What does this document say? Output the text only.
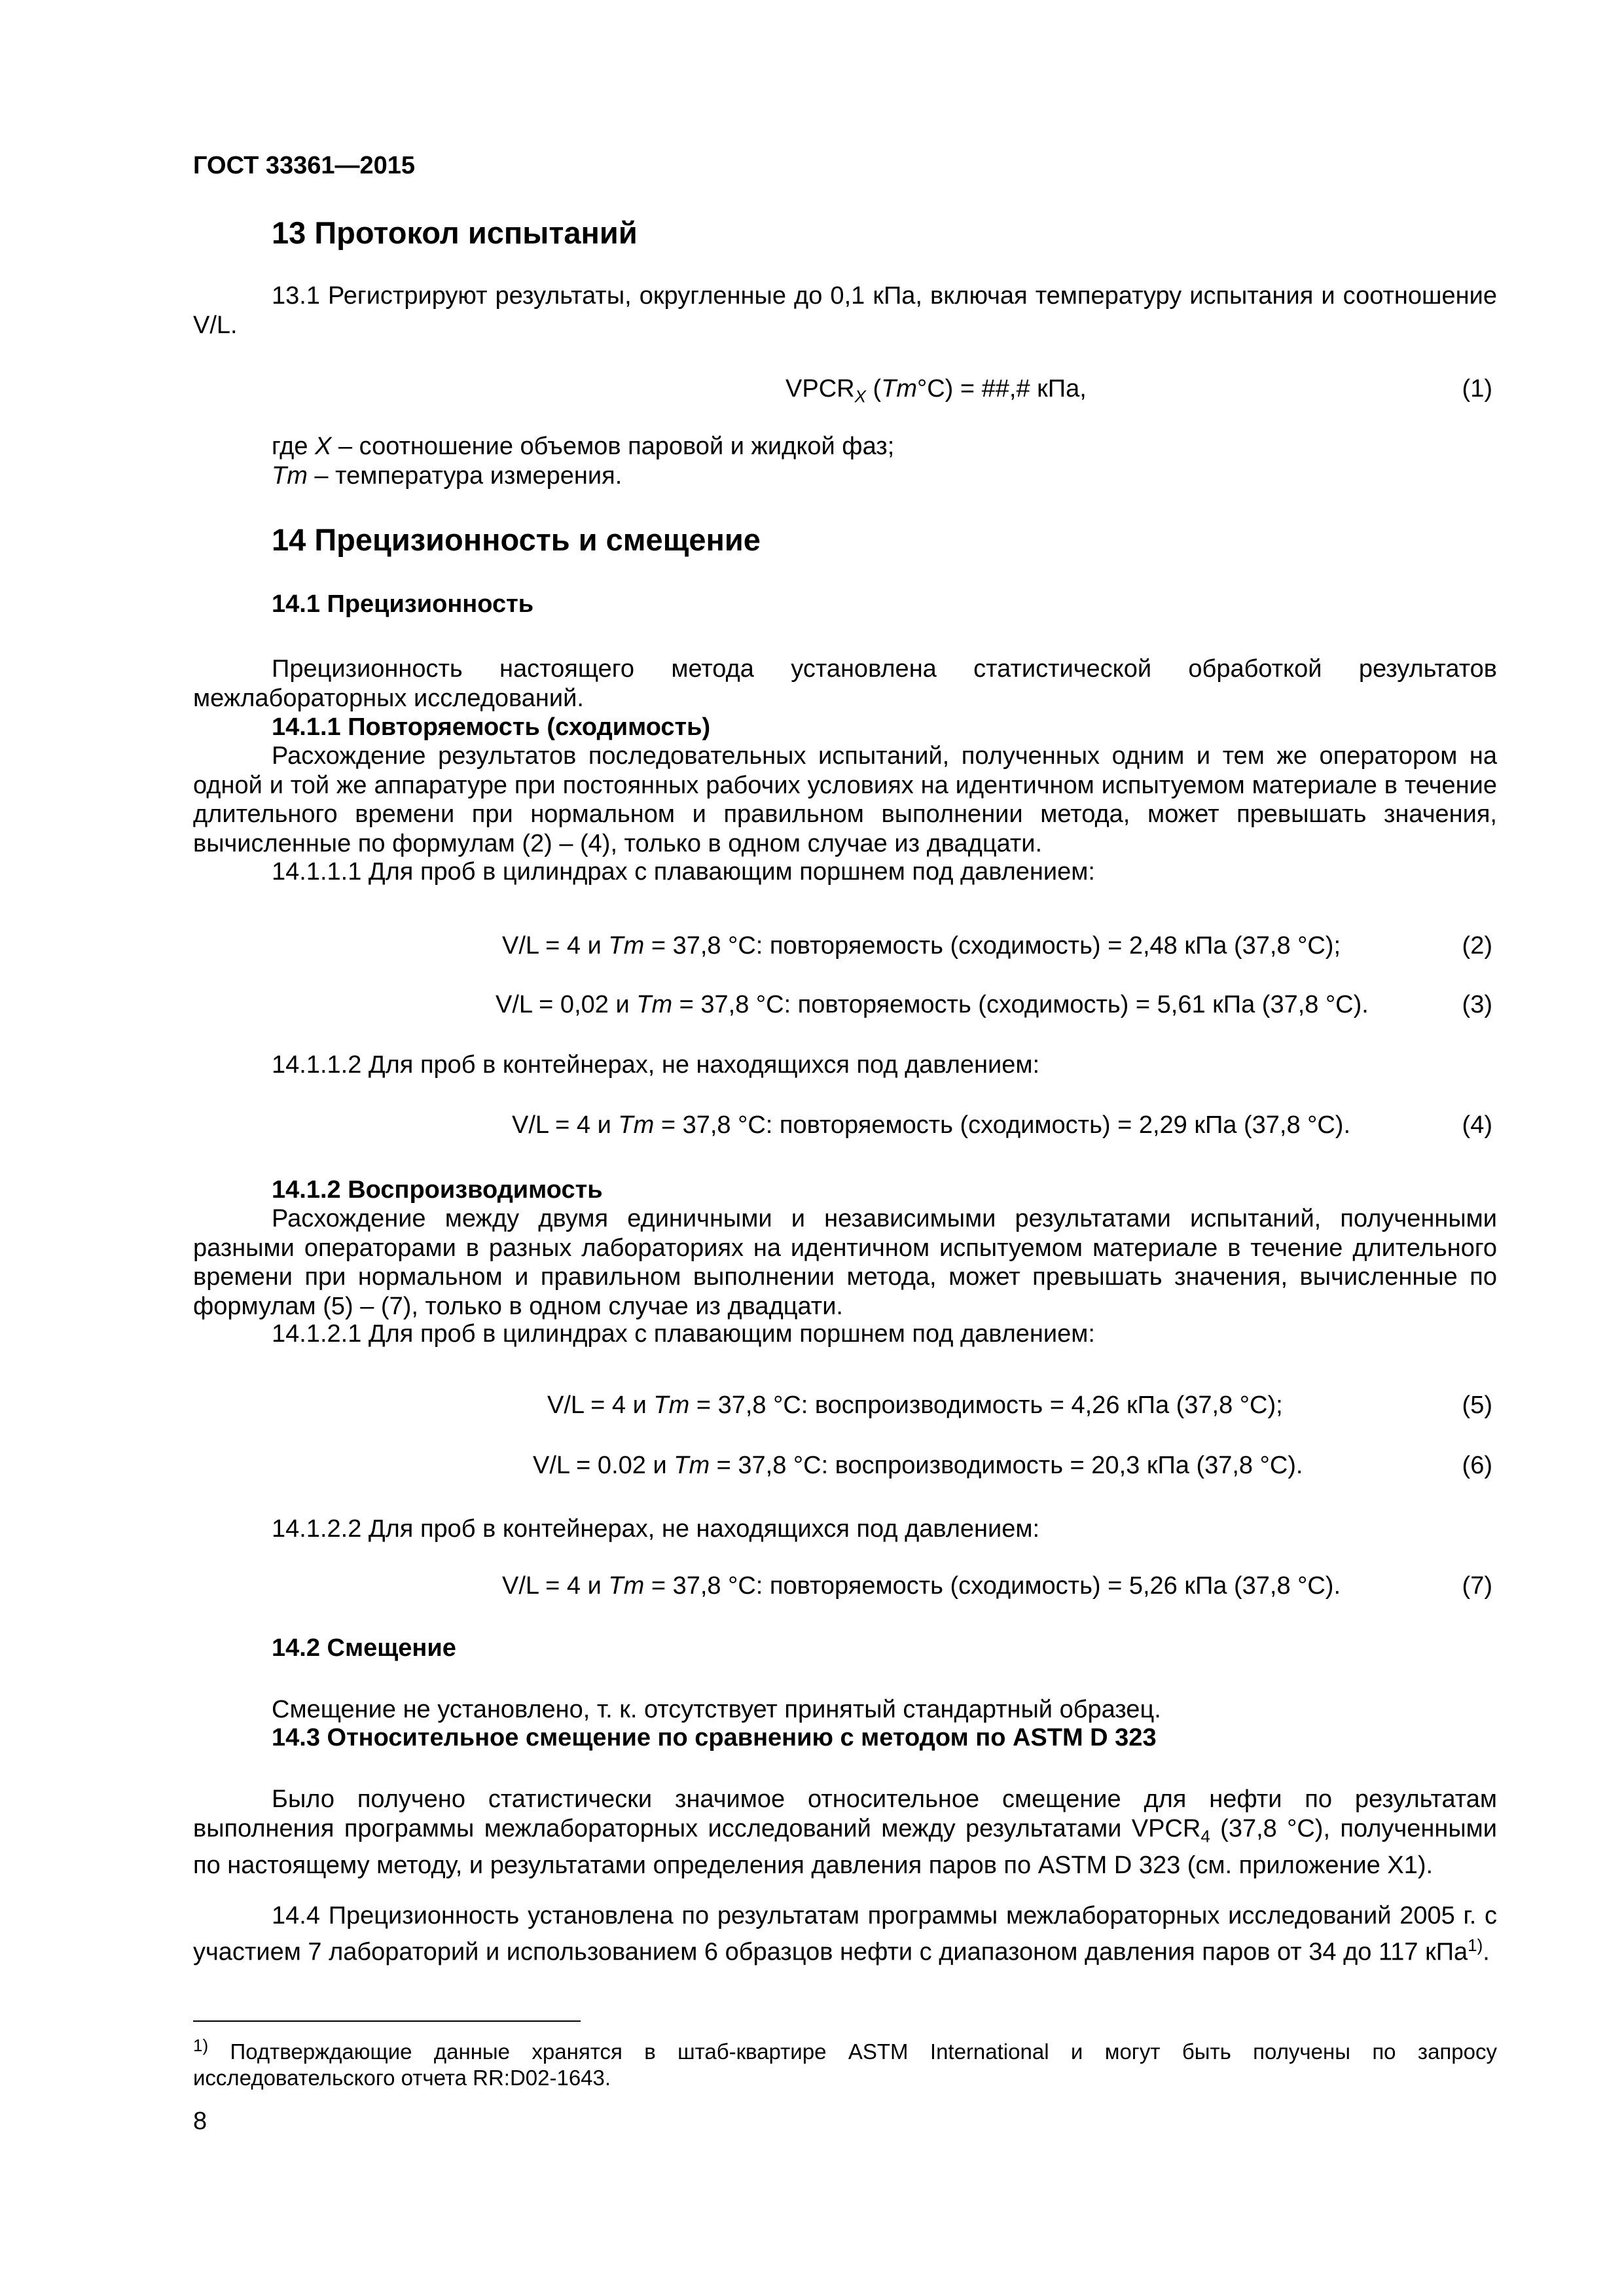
ГОСТ 33361—2015
13 Протокол испытаний
13.1 Регистрируют результаты, округленные до 0,1 кПа, включая температуру испытания и соотношение V/L.
$VPCR_X$ (Tm°C) = ##,# кПа,	(1)
где X – соотношение объемов паровой и жидкой фаз;
Tm – температура измерения.
14 Прецизионность и смещение
14.1 Прецизионность
Прецизионность настоящего метода установлена статистической обработкой результатов межлабораторных исследований.
14.1.1 Повторяемость (сходимость)
Расхождение результатов последовательных испытаний, полученных одним и тем же оператором на одной и той же аппаратуре при постоянных рабочих условиях на идентичном испытуемом материале в течение длительного времени при нормальном и правильном выполнении метода, может превышать значения, вычисленные по формулам (2) – (4), только в одном случае из двадцати.
14.1.1.1 Для проб в цилиндрах с плавающим поршнем под давлением:
V/L = 4 и Tm = 37,8 °C: повторяемость (сходимость) = 2,48 кПа (37,8 °C);	(2)
V/L = 0,02 и Tm = 37,8 °C: повторяемость (сходимость) = 5,61 кПа (37,8 °C).	(3)
14.1.1.2 Для проб в контейнерах, не находящихся под давлением:
V/L = 4 и Tm = 37,8 °C: повторяемость (сходимость) = 2,29 кПа (37,8 °C).	(4)
14.1.2 Воспроизводимость
Расхождение между двумя единичными и независимыми результатами испытаний, полученными разными операторами в разных лабораториях на идентичном испытуемом материале в течение длительного времени при нормальном и правильном выполнении метода, может превышать значения, вычисленные по формулам (5) – (7), только в одном случае из двадцати.
14.1.2.1 Для проб в цилиндрах с плавающим поршнем под давлением:
V/L = 4 и Tm = 37,8 °C: воспроизводимость = 4,26 кПа (37,8 °C);	(5)
V/L = 0.02 и Tm = 37,8 °C: воспроизводимость = 20,3 кПа (37,8 °C).	(6)
14.1.2.2 Для проб в контейнерах, не находящихся под давлением:
V/L = 4 и Tm = 37,8 °C: повторяемость (сходимость) = 5,26 кПа (37,8 °C).	(7)
14.2 Смещение
Смещение не установлено, т. к. отсутствует принятый стандартный образец.
14.3 Относительное смещение по сравнению с методом по ASTM D 323
Было получено статистически значимое относительное смещение для нефти по результатам выполнения программы межлабораторных исследований между результатами $VPCR_4$ (37,8 °C), полученными по настоящему методу, и результатами определения давления паров по ASTM D 323 (см. приложение Х1).
14.4 Прецизионность установлена по результатам программы межлабораторных исследований 2005 г. с участием 7 лабораторий и использованием 6 образцов нефти с диапазоном давления паров от 34 до 117 кПа$^{1)}$.
$^{1)}$ Подтверждающие данные хранятся в штаб-квартире ASTM International и могут быть получены по запросу исследовательского отчета RR:D02-1643.
8
